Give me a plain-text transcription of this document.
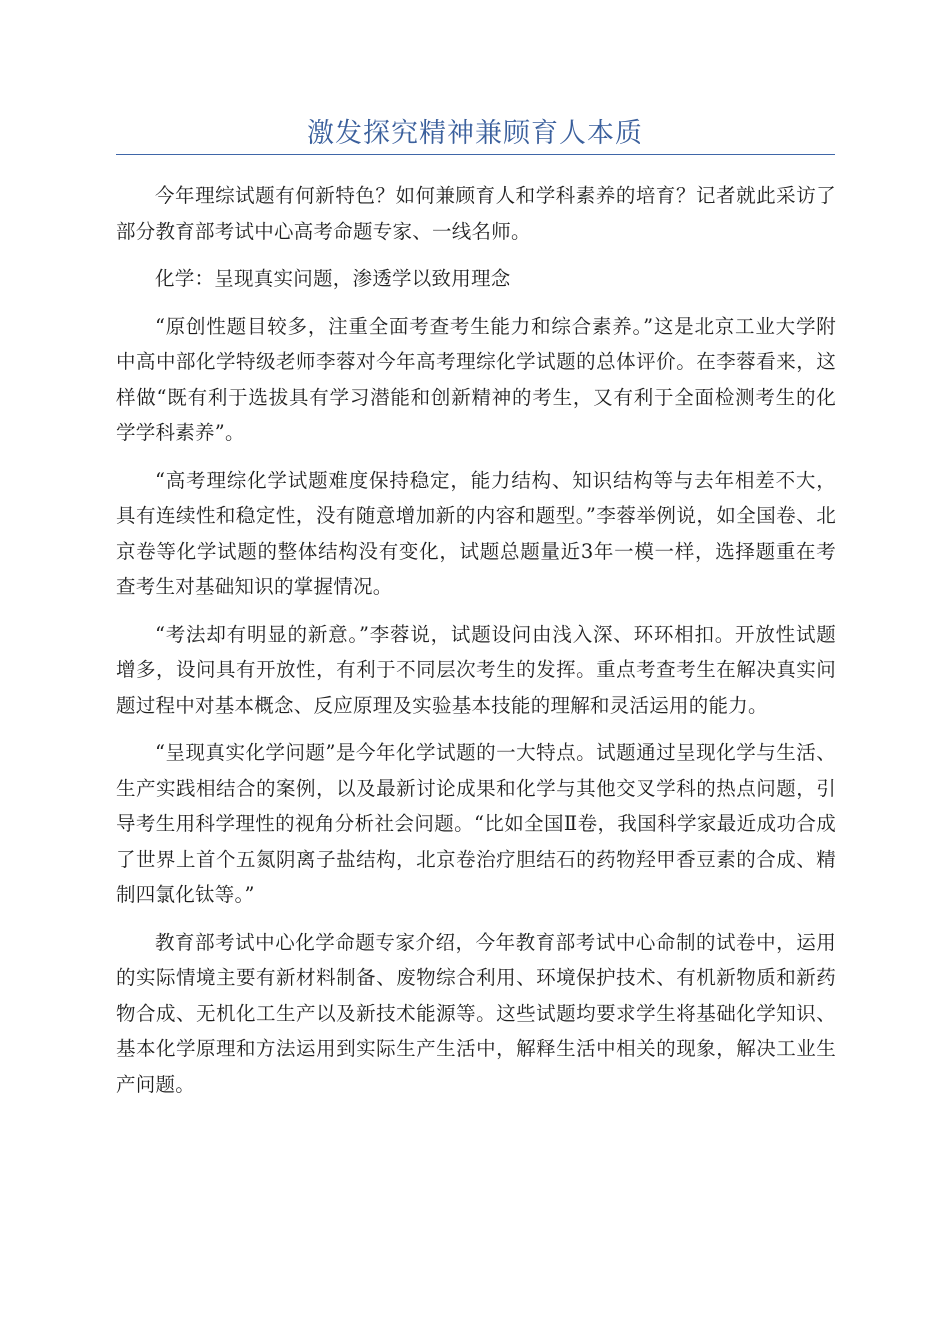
激发探究精神兼顾育人本质

今年理综试题有何新特色？如何兼顾育人和学科素养的培育？记者就此采访了部分教育部考试中心高考命题专家、一线名师。

化学：呈现真实问题，渗透学以致用理念

“原创性题目较多，注重全面考查考生能力和综合素养。”这是北京工业大学附中高中部化学特级老师李蓉对今年高考理综化学试题的总体评价。在李蓉看来，这样做“既有利于选拔具有学习潜能和创新精神的考生，又有利于全面检测考生的化学学科素养”。

“高考理综化学试题难度保持稳定，能力结构、知识结构等与去年相差不大，具有连续性和稳定性，没有随意增加新的内容和题型。”李蓉举例说，如全国卷、北京卷等化学试题的整体结构没有变化，试题总题量近3年一模一样，选择题重在考查考生对基础知识的掌握情况。

“考法却有明显的新意。”李蓉说，试题设问由浅入深、环环相扣。开放性试题增多，设问具有开放性，有利于不同层次考生的发挥。重点考查考生在解决真实问题过程中对基本概念、反应原理及实验基本技能的理解和灵活运用的能力。

“呈现真实化学问题”是今年化学试题的一大特点。试题通过呈现化学与生活、生产实践相结合的案例，以及最新讨论成果和化学与其他交叉学科的热点问题，引导考生用科学理性的视角分析社会问题。“比如全国Ⅱ卷，我国科学家最近成功合成了世界上首个五氮阴离子盐结构，北京卷治疗胆结石的药物羟甲香豆素的合成、精制四氯化钛等。”

教育部考试中心化学命题专家介绍，今年教育部考试中心命制的试卷中，运用的实际情境主要有新材料制备、废物综合利用、环境保护技术、有机新物质和新药物合成、无机化工生产以及新技术能源等。这些试题均要求学生将基础化学知识、基本化学原理和方法运用到实际生产生活中，解释生活中相关的现象，解决工业生产问题。
